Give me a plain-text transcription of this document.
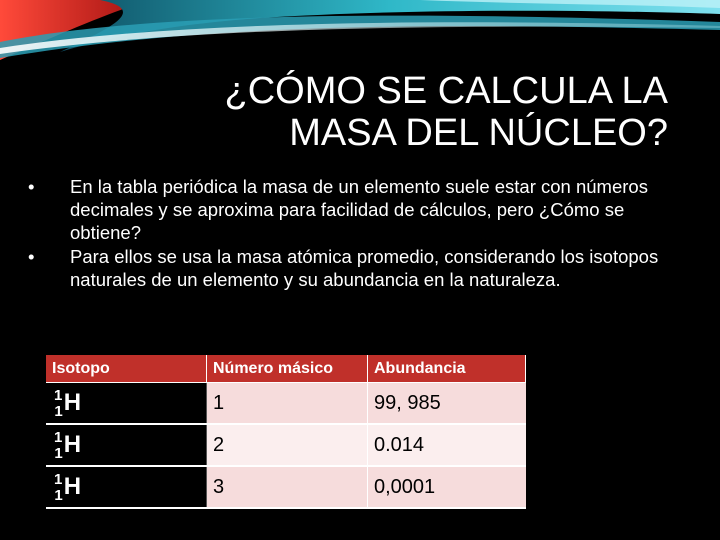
¿CÓMO SE CALCULA LA
MASA DEL NÚCLEO?
•	En la tabla periódica la masa de un elemento suele estar con números decimales y se aproxima para facilidad de cálculos, pero ¿Cómo se obtiene?
•	Para ellos se usa la masa atómica promedio, considerando los isotopos naturales de un elemento y su abundancia en la naturaleza.
Isotopo	Número másico	Abundancia
$^1_1$H	1	99, 985
$^1_1$H	2	0.014
$^1_1$H	3	0,0001
